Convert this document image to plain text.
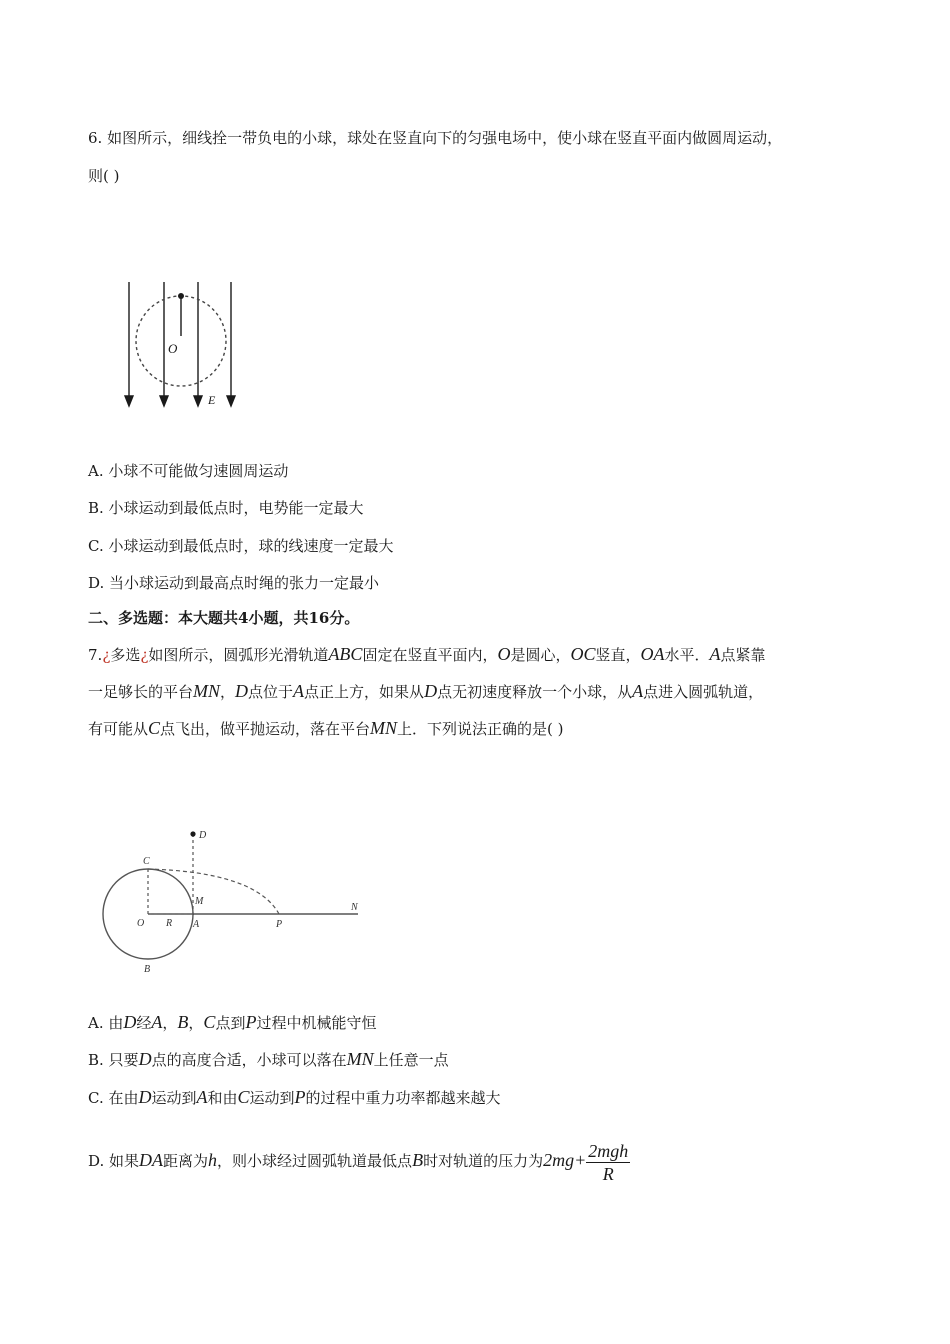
6. 如图所示，细线拴一带负电的小球，球处在竖直向下的匀强电场中，使小球在竖直平面内做圆周运动，
则( )
O
E
A. 小球不可能做匀速圆周运动
B. 小球运动到最低点时，电势能一定最大
C. 小球运动到最低点时，球的线速度一定最大
D. 当小球运动到最高点时绳的张力一定最小
二、多选题：本大题共4小题，共16分。
7.¿多选¿如图所示，圆弧形光滑轨道ABC固定在竖直平面内，O是圆心，OC竖直，OA水平．A点紧靠
一足够长的平台MN，D点位于A点正上方，如果从D点无初速度释放一个小球，从A点进入圆弧轨道，
有可能从C点飞出，做平抛运动，落在平台MN上．下列说法正确的是( )
D
C
M
O R A	P
N
B
A. 由D经A，B，C点到P过程中机械能守恒
B. 只要D点的高度合适，小球可以落在MN上任意一点
C. 在由D运动到A和由C运动到P的过程中重力功率都越来越大
D. 如果DA距离为h，则小球经过圆弧轨道最低点B时对轨道的压力为$2mg+ \frac{\text{2mgh}}{R}$
